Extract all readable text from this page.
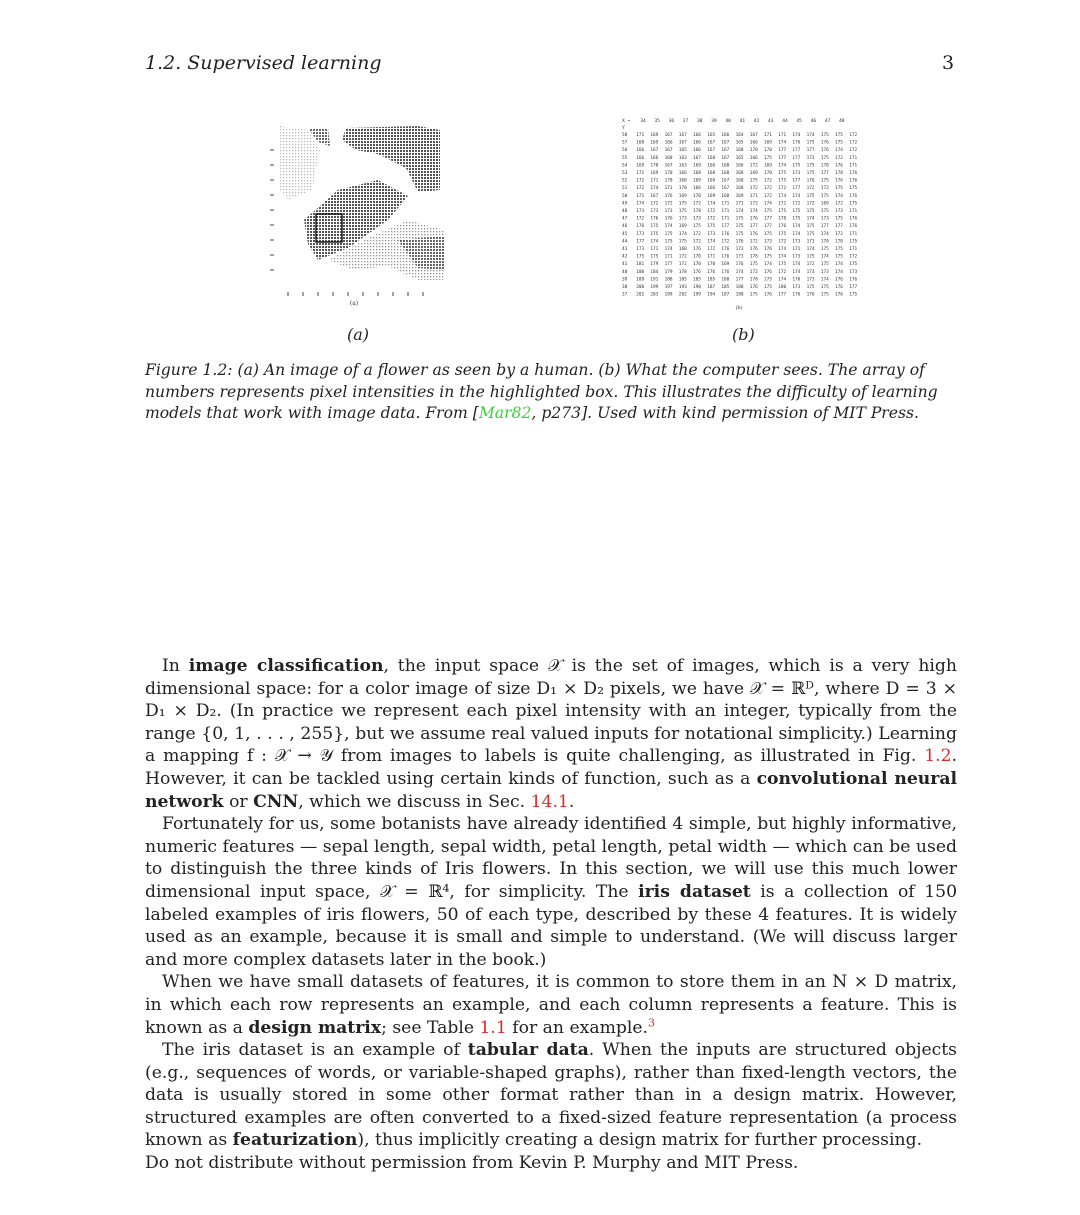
1.2. Supervised learning	3
(a)
X → 34 35 36 37 38 39 40 41 42 43 44 45 46 47 48
Y
58 171 169 167 167 166 165 166 164 167 171 171 174 174 175 175 172
57 168 169 166 167 166 167 167 165 166 169 174 176 175 176 175 172
56 166 167 167 165 166 167 167 168 170 170 177 177 177 176 174 172
55 166 166 168 163 167 168 167 165 166 175 177 177 173 175 172 171
54 169 170 167 163 169 166 168 166 172 169 174 175 175 178 176 171
53 171 169 170 166 168 168 168 168 169 170 175 173 175 177 178 176
52 172 171 170 168 169 169 167 168 175 172 175 177 176 175 176 176
51 172 174 171 170 166 166 167 168 172 172 172 177 172 172 175 175
50 171 167 176 169 170 169 168 169 171 172 174 174 175 175 174 176
49 174 172 172 175 172 174 171 171 172 174 172 172 172 169 172 175
48 173 173 173 175 178 172 171 174 174 175 175 175 175 175 173 171
47 172 176 176 173 173 172 171 175 176 177 178 175 174 173 175 176
46 176 175 174 169 175 175 177 175 177 177 176 174 175 177 177 176
45 173 175 175 174 172 173 176 175 176 175 175 174 175 174 172 171
44 177 174 175 175 172 174 172 176 172 173 172 173 173 170 170 175
43 173 171 174 168 176 172 176 173 176 176 174 171 174 175 175 171
42 175 175 171 172 170 171 176 173 178 175 174 173 175 174 175 172
41 181 179 177 172 170 170 169 176 175 174 175 174 172 175 174 175
40 180 184 179 178 176 176 176 174 172 176 172 174 173 173 174 173
39 189 191 188 185 185 185 180 177 178 173 174 176 173 174 176 176
38 200 199 197 193 190 187 185 180 176 175 180 173 175 175 176 177
37 202 203 199 202 199 194 187 180 175 176 177 176 176 175 176 175
(b)
(a)	(b)
Figure 1.2: (a) An image of a flower as seen by a human. (b) What the computer sees. The array of numbers represents pixel intensities in the highlighted box. This illustrates the difficulty of learning models that work with image data. From [Mar82, p273]. Used with kind permission of MIT Press.

In image classification, the input space 𝒳 is the set of images, which is a very high dimensional space: for a color image of size D₁ × D₂ pixels, we have 𝒳 = ℝᴰ, where D = 3 × D₁ × D₂. (In practice we represent each pixel intensity with an integer, typically from the range {0, 1, . . . , 255}, but we assume real valued inputs for notational simplicity.) Learning a mapping f : 𝒳 → 𝒴 from images to labels is quite challenging, as illustrated in Fig. 1.2. However, it can be tackled using certain kinds of function, such as a convolutional neural network or CNN, which we discuss in Sec. 14.1.

Fortunately for us, some botanists have already identified 4 simple, but highly informative, numeric features — sepal length, sepal width, petal length, petal width — which can be used to distinguish the three kinds of Iris flowers. In this section, we will use this much lower dimensional input space, 𝒳 = ℝ⁴, for simplicity. The iris dataset is a collection of 150 labeled examples of iris flowers, 50 of each type, described by these 4 features. It is widely used as an example, because it is small and simple to understand. (We will discuss larger and more complex datasets later in the book.)

When we have small datasets of features, it is common to store them in an N × D matrix, in which each row represents an example, and each column represents a feature. This is known as a design matrix; see Table 1.1 for an example.$^3$

The iris dataset is an example of tabular data. When the inputs are structured objects (e.g., sequences of words, or variable-shaped graphs), rather than fixed-length vectors, the data is usually stored in some other format rather than in a design matrix. However, structured examples are often converted to a fixed-sized feature representation (a process known as featurization), thus implicitly creating a design matrix for further processing.

Do not distribute without permission from Kevin P. Murphy and MIT Press.
